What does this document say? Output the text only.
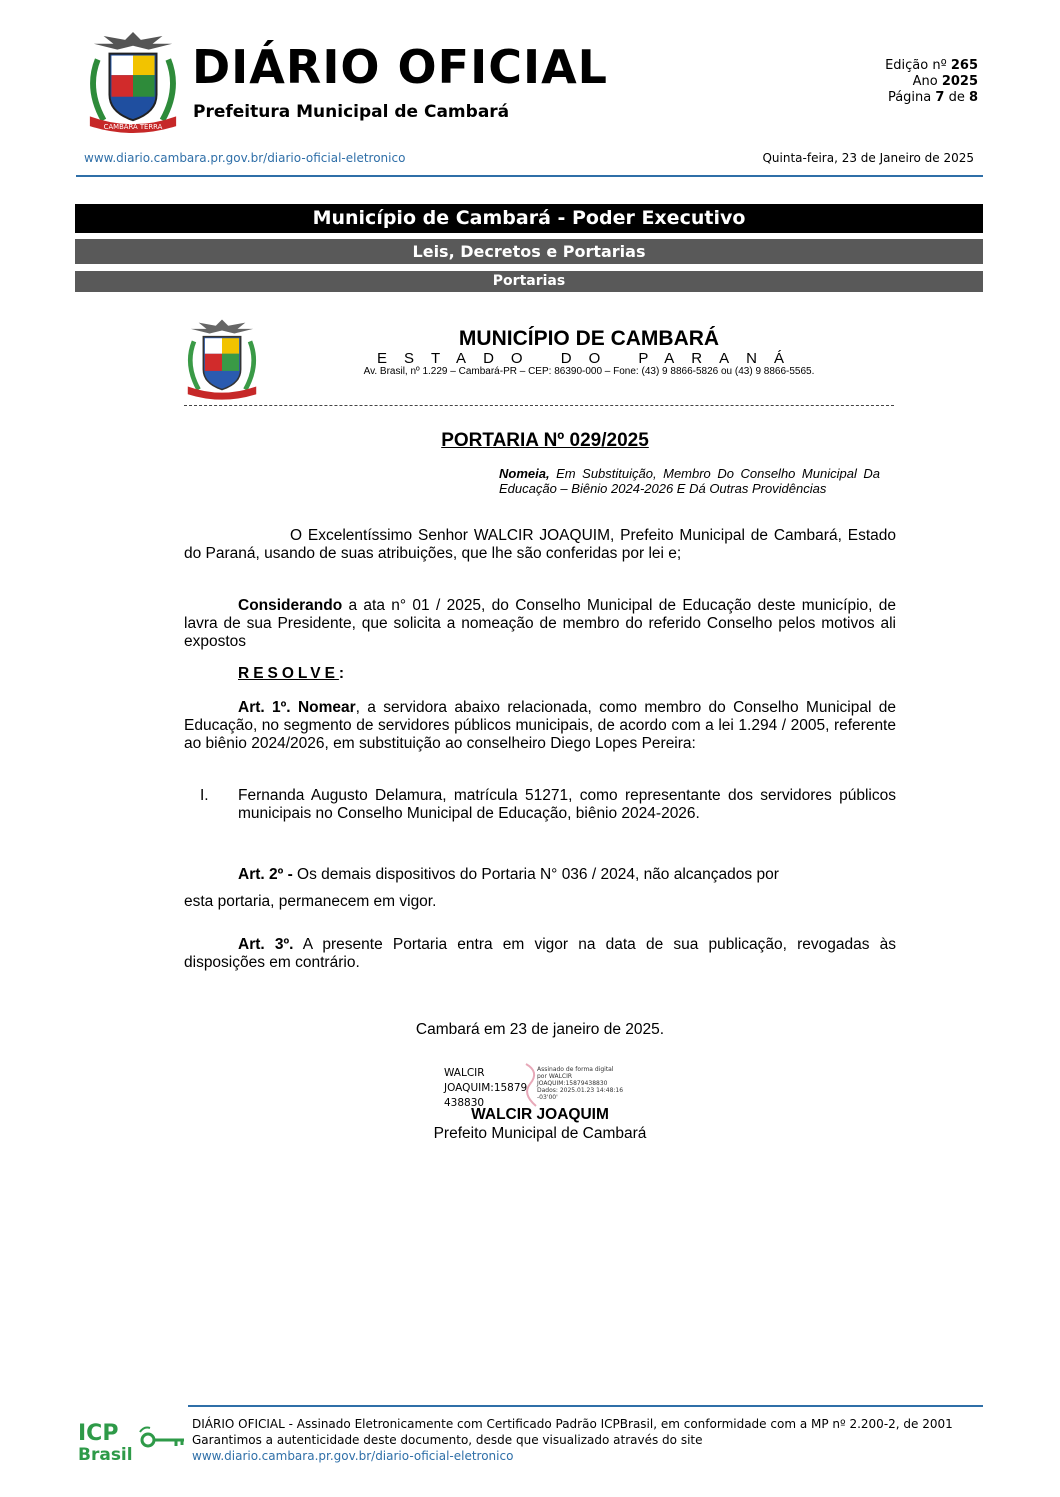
CAMBARÁ TERRA
DIÁRIO OFICIAL
Prefeitura Municipal de Cambará
Edição nº 265
Ano 2025
Página 7 de 8
www.diario.cambara.pr.gov.br/diario-oficial-eletronico	Quinta-feira, 23 de Janeiro de 2025
Município de Cambará - Poder Executivo
Leis, Decretos e Portarias
Portarias
MUNICÍPIO DE CAMBARÁ
ESTADO DO PARANÁ
Av. Brasil, nº 1.229 – Cambará-PR – CEP: 86390-000 – Fone: (43) 9 8866-5826 ou (43) 9 8866-5565.
PORTARIA Nº 029/2025
Nomeia, Em Substituição, Membro Do Conselho Municipal Da Educação – Biênio 2024-2026 E Dá Outras Providências
O Excelentíssimo Senhor WALCIR JOAQUIM, Prefeito Municipal de Cambará, Estado do Paraná, usando de suas atribuições, que lhe são conferidas por lei e;
Considerando a ata n° 01 / 2025, do Conselho Municipal de Educação deste município, de lavra de sua Presidente, que solicita a nomeação de membro do referido Conselho pelos motivos ali expostos
RESOLVE:
Art. 1º. Nomear, a servidora abaixo relacionada, como membro do Conselho Municipal de Educação, no segmento de servidores públicos municipais, de acordo com a lei 1.294 / 2005, referente ao biênio 2024/2026, em substituição ao conselheiro Diego Lopes Pereira:
I. Fernanda Augusto Delamura, matrícula 51271, como representante dos servidores públicos municipais no Conselho Municipal de Educação, biênio 2024-2026.
Art. 2º - Os demais dispositivos do Portaria N° 036 / 2024, não alcançados por
esta portaria, permanecem em vigor.
Art. 3º. A presente Portaria entra em vigor na data de sua publicação, revogadas às disposições em contrário.
Cambará em 23 de janeiro de 2025.
WALCIR
JOAQUIM:15879
438830
Assinado de forma digital
por WALCIR
JOAQUIM:15879438830
Dados: 2025.01.23 14:48:16
-03'00'
WALCIR JOAQUIM
Prefeito Municipal de Cambará
ICP
Brasil
DIÁRIO OFICIAL - Assinado Eletronicamente com Certificado Padrão ICPBrasil, em conformidade com a MP nº 2.200-2, de 2001
Garantimos a autenticidade deste documento, desde que visualizado através do site
www.diario.cambara.pr.gov.br/diario-oficial-eletronico
